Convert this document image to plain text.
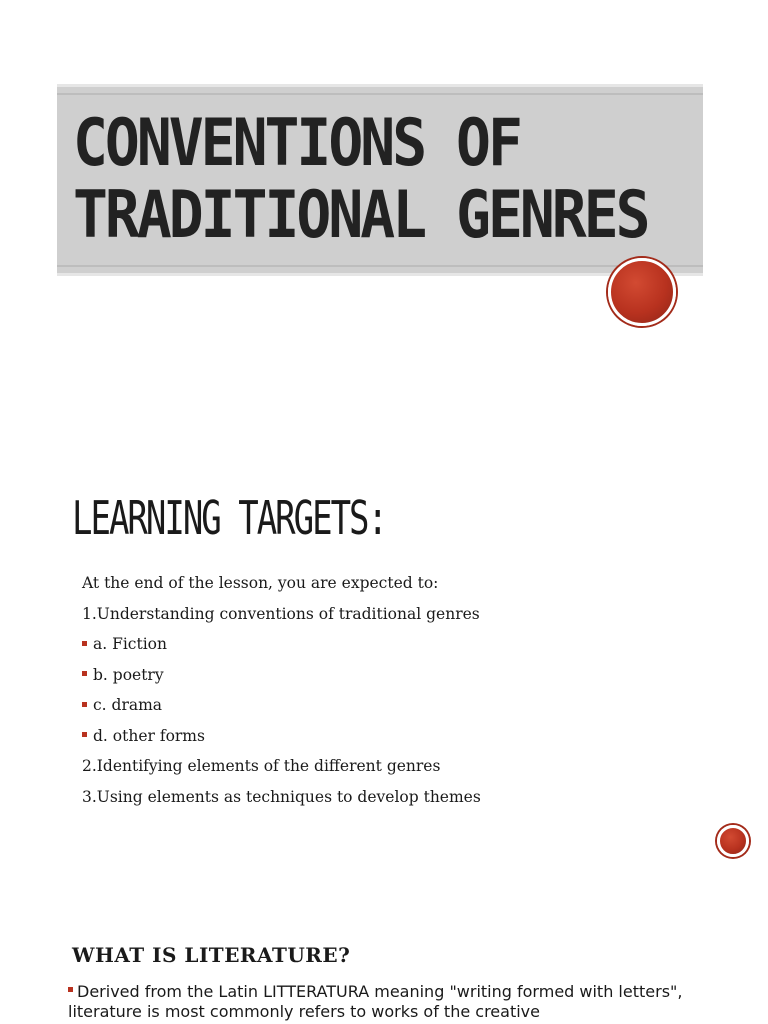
CONVENTIONS OF
TRADITIONAL GENRES
LEARNING TARGETS:
At the end of the lesson, you are expected to:
1.Understanding conventions of traditional genres
a. Fiction
b. poetry
c. drama
d. other forms
2.Identifying elements of the different genres
3.Using elements as techniques to develop themes
WHAT IS LITERATURE?

Derived from the Latin LITTERATURA meaning "writing formed with letters", literature is most commonly refers to works of the creative
